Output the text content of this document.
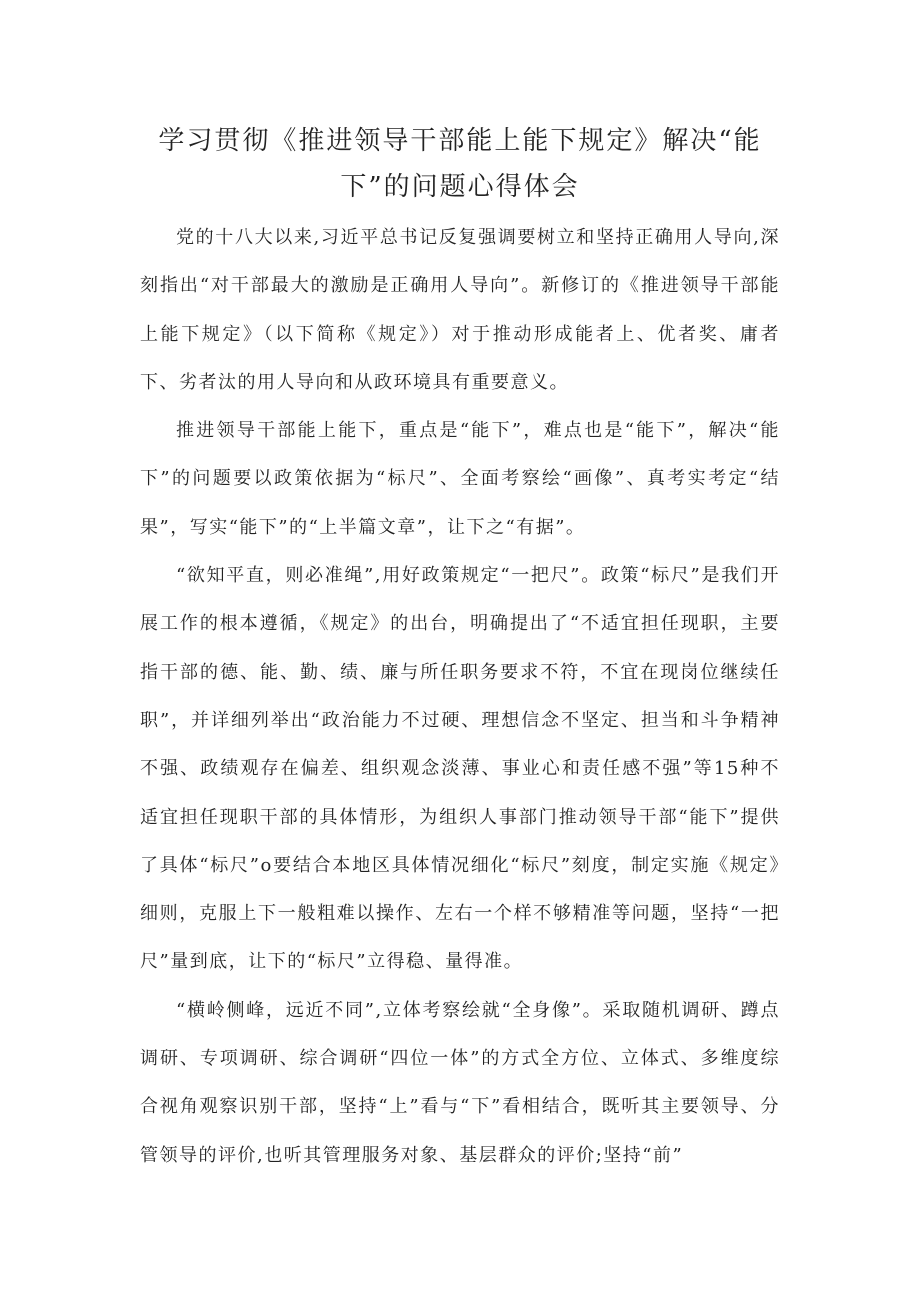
学习贯彻《推进领导干部能上能下规定》解决“能下”的问题心得体会

党的十八大以来,习近平总书记反复强调要树立和坚持正确用人导向,深刻指出“对干部最大的激励是正确用人导向”。新修订的《推进领导干部能上能下规定》（以下简称《规定》）对于推动形成能者上、优者奖、庸者下、劣者汰的用人导向和从政环境具有重要意义。

推进领导干部能上能下，重点是“能下”，难点也是“能下”，解决“能下”的问题要以政策依据为“标尺”、全面考察绘“画像”、真考实考定“结果”，写实“能下”的“上半篇文章”，让下之“有据”。

“欲知平直，则必准绳”,用好政策规定“一把尺”。政策“标尺”是我们开展工作的根本遵循，《规定》的出台，明确提出了“不适宜担任现职，主要指干部的德、能、勤、绩、廉与所任职务要求不符，不宜在现岗位继续任职”，并详细列举出“政治能力不过硬、理想信念不坚定、担当和斗争精神不强、政绩观存在偏差、组织观念淡薄、事业心和责任感不强”等15种不适宜担任现职干部的具体情形，为组织人事部门推动领导干部“能下”提供了具体“标尺”o要结合本地区具体情况细化“标尺”刻度，制定实施《规定》细则，克服上下一般粗难以操作、左右一个样不够精准等问题，坚持“一把尺”量到底，让下的“标尺”立得稳、量得准。

“横岭侧峰，远近不同”,立体考察绘就“全身像”。采取随机调研、蹲点调研、专项调研、综合调研“四位一体”的方式全方位、立体式、多维度综合视角观察识别干部，坚持“上”看与“下”看相结合，既听其主要领导、分管领导的评价,也听其管理服务对象、基层群众的评价;坚持“前”
